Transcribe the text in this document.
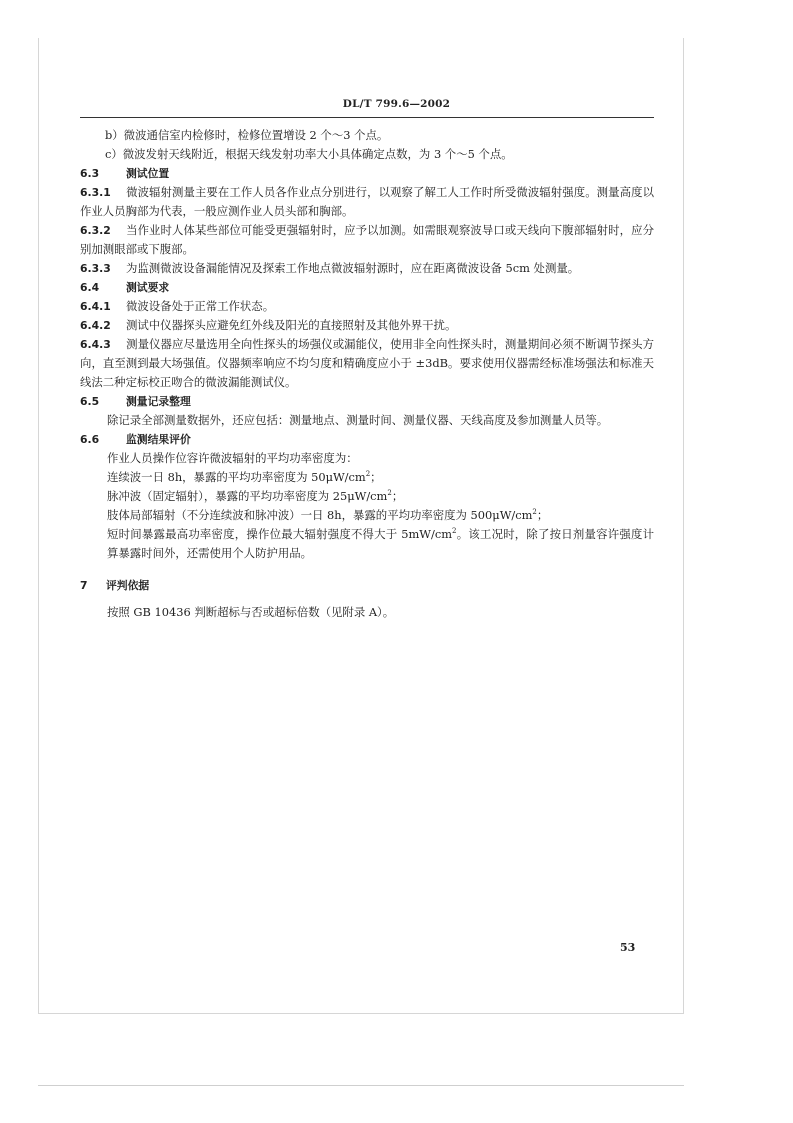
DL/T 799.6—2002
b）微波通信室内检修时，检修位置增设 2 个～3 个点。
c）微波发射天线附近，根据天线发射功率大小具体确定点数，为 3 个～5 个点。
6.3 测试位置
6.3.1 微波辐射测量主要在工作人员各作业点分别进行，以观察了解工人工作时所受微波辐射强度。测量高度以作业人员胸部为代表，一般应测作业人员头部和胸部。
6.3.2 当作业时人体某些部位可能受更强辐射时，应予以加测。如需眼观察波导口或天线向下腹部辐射时，应分别加测眼部或下腹部。
6.3.3 为监测微波设备漏能情况及探索工作地点微波辐射源时，应在距离微波设备 5cm 处测量。
6.4 测试要求
6.4.1 微波设备处于正常工作状态。
6.4.2 测试中仪器探头应避免红外线及阳光的直接照射及其他外界干扰。
6.4.3 测量仪器应尽量选用全向性探头的场强仪或漏能仪，使用非全向性探头时，测量期间必须不断调节探头方向，直至测到最大场强值。仪器频率响应不均匀度和精确度应小于 ±3dB。要求使用仪器需经标准场强法和标准天线法二种定标校正吻合的微波漏能测试仪。
6.5 测量记录整理
除记录全部测量数据外，还应包括：测量地点、测量时间、测量仪器、天线高度及参加测量人员等。
6.6 监测结果评价
作业人员操作位容许微波辐射的平均功率密度为：
连续波一日 8h，暴露的平均功率密度为 $50\mu W/cm^2$；
脉冲波（固定辐射），暴露的平均功率密度为 $25\mu W/cm^2$；
肢体局部辐射（不分连续波和脉冲波）一日 8h，暴露的平均功率密度为 $500\mu W/cm^2$；
短时间暴露最高功率密度，操作位最大辐射强度不得大于 $5mW/cm^2$。该工况时，除了按日剂量容许强度计算暴露时间外，还需使用个人防护用品。
7 评判依据
按照 GB 10436 判断超标与否或超标倍数（见附录 A）。
53
